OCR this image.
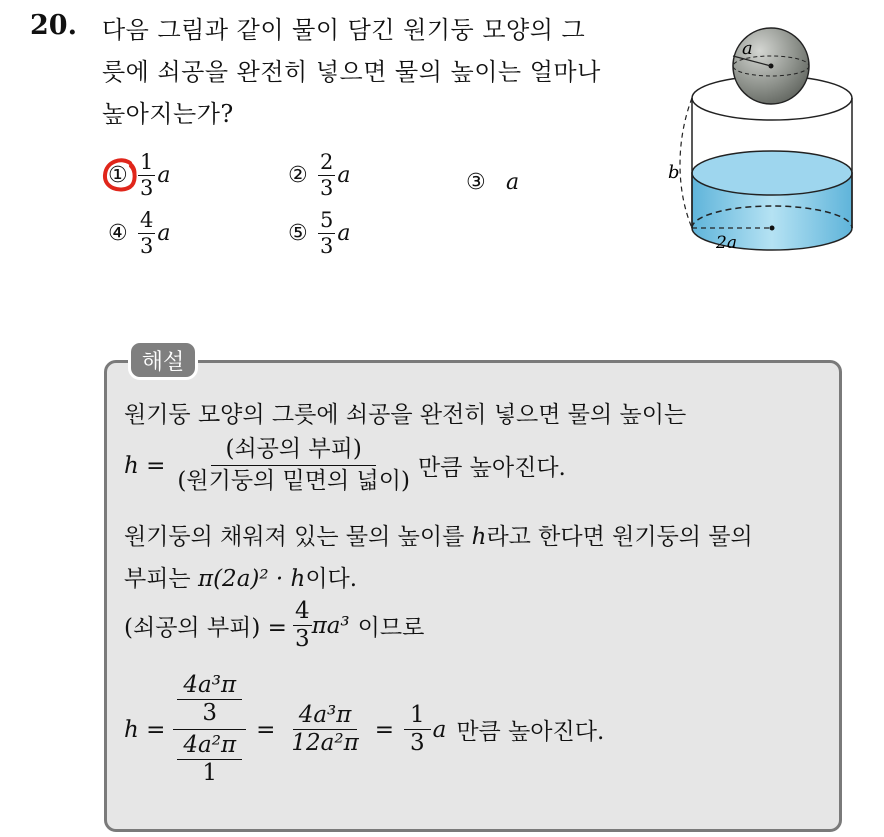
20. 다음 그림과 같이 물이 담긴 원기둥 모양의 그
릇에 쇠공을 완전히 넣으면 물의 높이는 얼마나
높아지는가?
① $\frac{1}{3}$ a	② $\frac{2}{3}$ a	③ a
④ $\frac{4}{3}$ a	⑤ $\frac{5}{3}$ a
b
2a
a
해설
원기둥 모양의 그릇에 쇠공을 완전히 넣으면 물의 높이는
$h = \frac{\text{(쇠공의 부피)}}{\text{(원기둥의 밑면의 넓이)}}$ 만큼 높아진다.
원기둥의 채워져 있는 물의 높이를 h라고 한다면 원기둥의 물의
부피는 π(2a)² · h이다.
(쇠공의 부피) = $\frac{4}{3} \pi a^3$ 이므로
$h = \frac{\frac{\text{4a³π}}{3}}{\frac{\text{4a²π}}{1}} = \frac{\text{4a³π}}{\text{12a²π}} = \frac{1}{3}$ a 만큼 높아진다.
